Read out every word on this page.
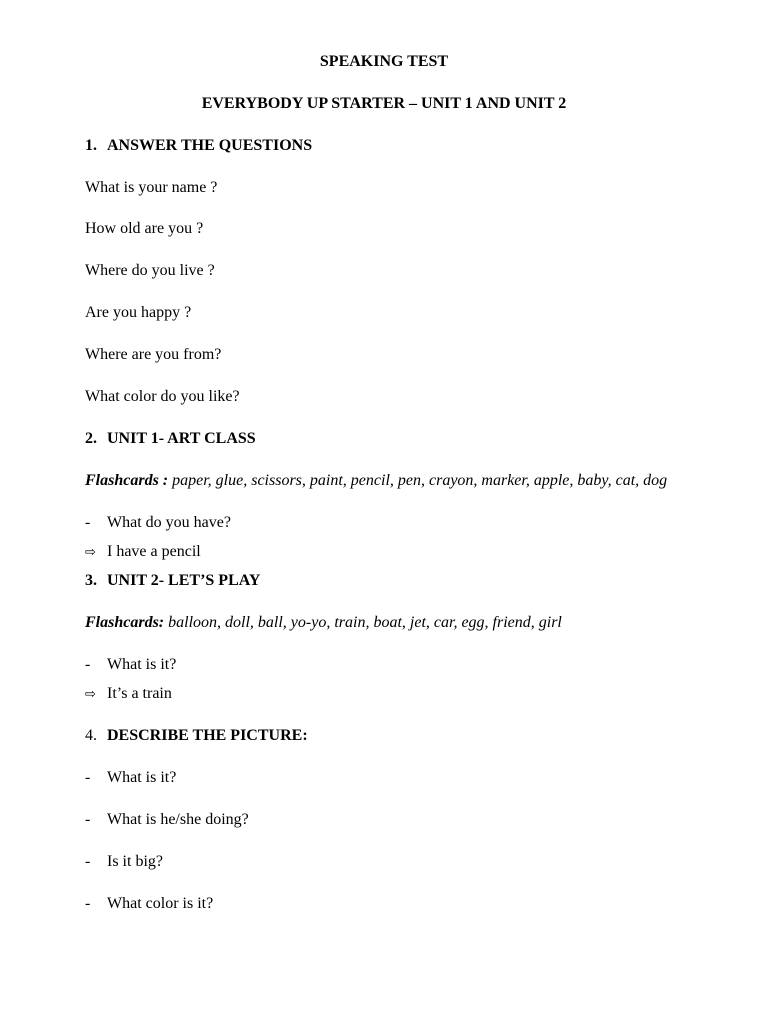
SPEAKING TEST
EVERYBODY UP STARTER – UNIT 1 AND UNIT 2
1. ANSWER THE QUESTIONS
What is your name ?
How old are you ?
Where do you live ?
Are you happy ?
Where are you from?
What color do you like?
2. UNIT 1- ART CLASS
Flashcards : paper, glue, scissors, paint, pencil, pen, crayon, marker, apple, baby, cat, dog
- What do you have?
⇨ I have a pencil
3. UNIT 2- LET’S PLAY
Flashcards: balloon, doll, ball, yo-yo, train, boat, jet, car, egg, friend, girl
- What is it?
⇨ It’s a train
4. DESCRIBE THE PICTURE:
- What is it?
- What is he/she doing?
- Is it big?
- What color is it?
